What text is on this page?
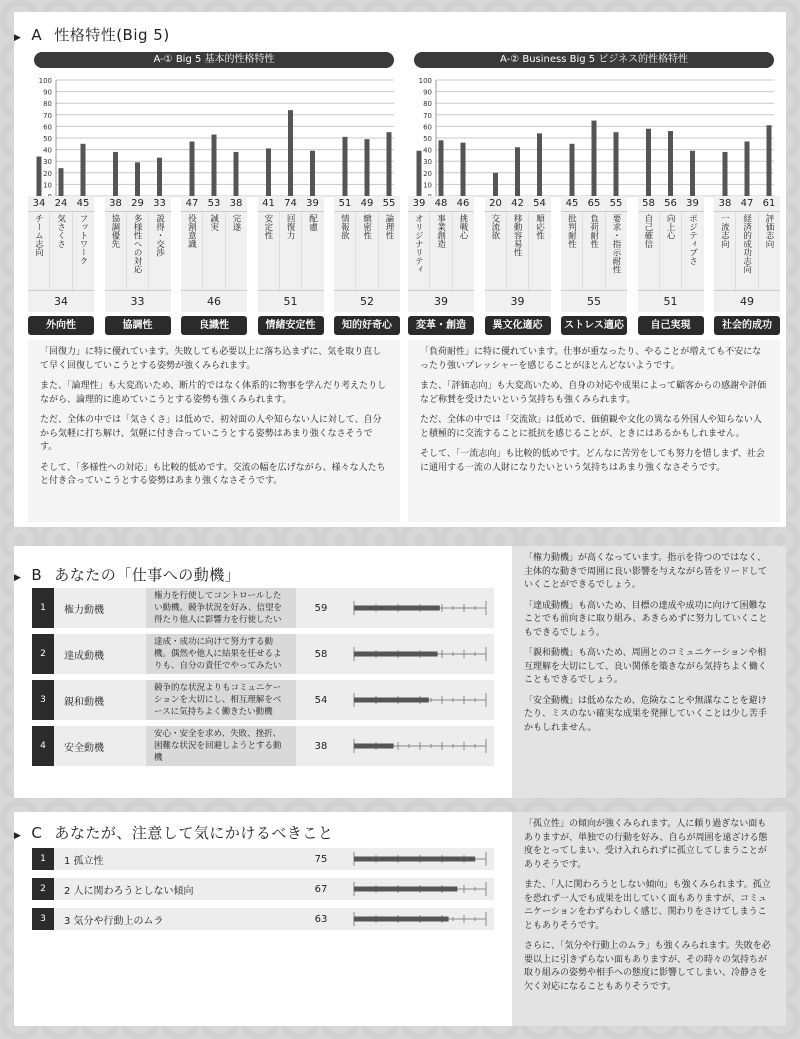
▶ A 性格特性(Big 5)
A-① Big 5 基本的性格特性
10
20
30
40
50
60
70
80
90
100
34 24 45
チーム志向	気さくさ	フットワーク
34
38 29 33
協調優先	多様性への対応	説得・交渉
33
47 53 38
役割意識	誠実	完遂
46
41 74 39
安定性	回復力	配慮
51
51 49 55
情報欲	緻密性	論理性
52
外向性	協調性	良識性	情緒安定性	知的好奇心

「回復力」に特に優れています。失敗しても必要以上に落ち込まずに、気を取り直して早く回復していこうとする姿勢が強くみられます。

また、「論理性」も大変高いため、断片的ではなく体系的に物事を学んだり考えたりしながら、論理的に進めていこうとする姿勢も強くみられます。

ただ、全体の中では「気さくさ」は低めで、初対面の人や知らない人に対して、自分から気軽に打ち解け、気軽に付き合っていこうとする姿勢はあまり強くなさそうです。

そして、「多様性への対応」も比較的低めです。交流の幅を広げながら、様々な人たちと付き合っていこうとする姿勢はあまり強くなさそうです。

A-② Business Big 5 ビジネス的性格特性
10
20
30
40
50
60
70
80
90
100
39 48 46
オリジナリティ	事業創造	挑戦心
39
20 42 54
交流欲	移動容易性	順応性
39
45 65 55
批判耐性	負荷耐性	要求・指示耐性
55
58 56 39
自己確信	向上心	ポジティブさ
51
38 47 61
一流志向	経済的成功志向	評価志向
49
変革・創造	異文化適応	ストレス適応	自己実現	社会的成功

「負荷耐性」に特に優れています。仕事が重なったり、やることが増えても不安になったり強いプレッシャーを感じることがほとんどないようです。

また、「評価志向」も大変高いため、自身の対応や成果によって顧客からの感謝や評価など称賛を受けたいという気持ちも強くみられます。

ただ、全体の中では「交流欲」は低めで、価値観や文化の異なる外国人や知らない人と積極的に交流することに抵抗を感じることが、ときにはあるかもしれません。

そして、「一流志向」も比較的低めです。どんなに苦労をしても努力を惜しまず、社会に通用する一流の人財になりたいという気持ちはあまり強くなさそうです。

▶ B あなたの「仕事への動機」
1	権力動機
権力を行使してコントロールしたい動機。競争状況を好み、信望を得たり他人に影響力を行使したい
59
2	達成動機
達成・成功に向けて努力する動機。偶然や他人に結果を任せるよりも、自分の責任でやってみたい
58
3	親和動機
競争的な状況よりもコミュニケーションを大切にし、相互理解をベースに気持ちよく働きたい動機
54
4	安全動機
安心・安全を求め、失敗、挫折、困難な状況を回避しようとする動機
38

「権力動機」が高くなっています。指示を待つのではなく、主体的な動きで周囲に良い影響を与えながら皆をリードしていくことができるでしょう。

「達成動機」も高いため、目標の達成や成功に向けて困難なことでも前向きに取り組み、あきらめずに努力していくこともできるでしょう。

「親和動機」も高いため、周囲とのコミュニケーションや相互理解を大切にして、良い関係を築きながら気持ちよく働くこともできるでしょう。

「安全動機」は低めなため、危険なことや無謀なことを避けたり、ミスのない確実な成果を発揮していくことは少し苦手かもしれません。

▶ C あなたが、注意して気にかけるべきこと
1	1 孤立性	75
2	2 人に関わろうとしない傾向	67
3	3 気分や行動上のムラ	63

「孤立性」の傾向が強くみられます。人に頼り過ぎない面もありますが、単独での行動を好み、自らが周囲を遠ざける態度をとってしまい、受け入れられずに孤立してしまうことがありそうです。

また、「人に関わろうとしない傾向」も強くみられます。孤立を恐れず一人でも成果を出していく面もありますが、コミュニケーションをわずらわしく感じ、関わりをさけてしまうこともありそうです。

さらに、「気分や行動上のムラ」も強くみられます。失敗を必要以上に引きずらない面もありますが、その時々の気持ちが取り組みの姿勢や相手への態度に影響してしまい、冷静さを欠く対応になることもありそうです。
